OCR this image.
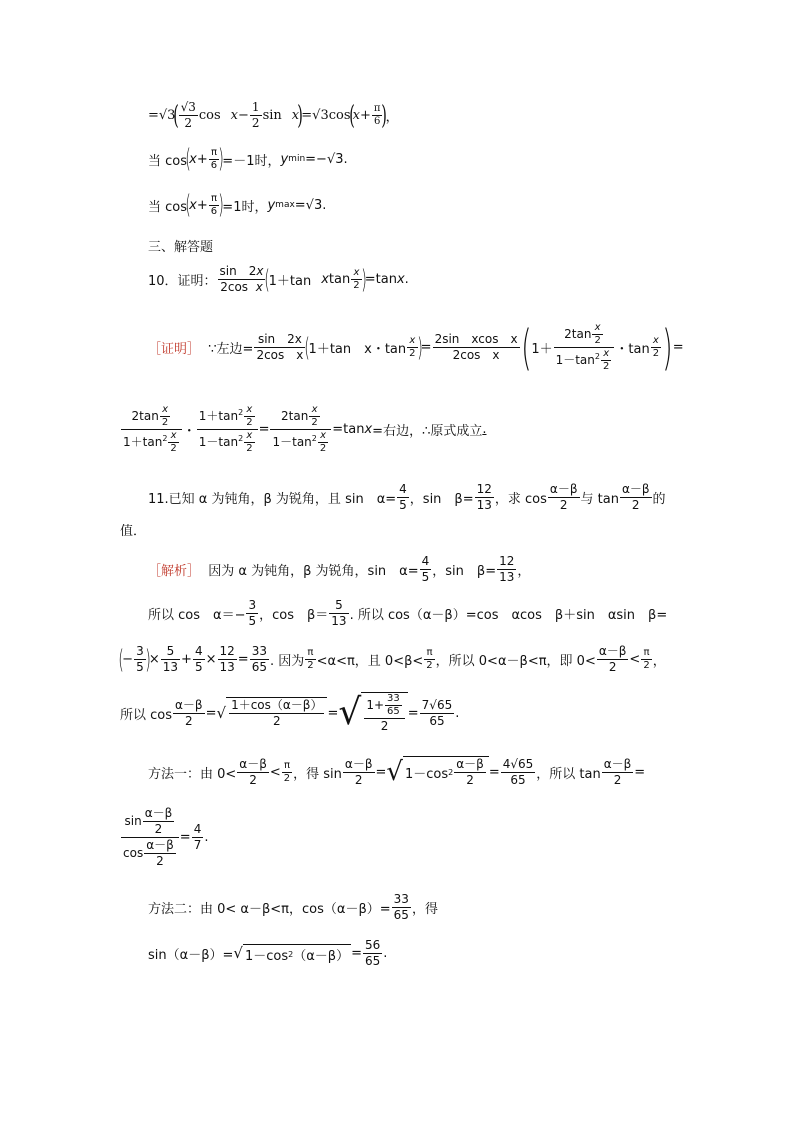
=√3
( $\frac{√3}{2}$ $\cos x - \frac{1}{2}$ sin x
)
=√3cos
(
$x+ \frac{\pi}{6}$ )
，
当 cos
(
$x+ \frac{\pi}{6}$ )
=－1时， y min =−√3.
当 cos
(
$x+ \frac{\pi}{6}$ )
=1时， y max =√3.
三、解答题
10．证明： $\frac{\sin 2x}{\text{2cos x}}$ (
1＋tan x $\tan \frac{x}{2}$ )
=tan x .
［证明］
∵左边= $\frac{\sin 2x}{\text{2cos　x}}$ (
1＋tan　x・$\tan \frac{x}{2}$ )
= $\frac{\text{2sin　xcos　x}}{\text{2cos　x}}$ ( $1+ \frac{2\tan \frac{x}{2}}{1-\tan^2 \frac{x}{2}}$ ・$\tan \frac{x}{2}$ ) =
$\frac{2\tan \frac{x}{2}}{1+\tan^2 \frac{x}{2}}$ ・ $\frac{1+\tan^2 \frac{x}{2}}{1-\tan^2 \frac{x}{2}} = \frac{2\tan \frac{x}{2}}{1-\tan^2 \frac{x}{2}} =\tan$ x =右边，∴原式成立 .
11.已知 α 为钝角，β 为锐角，且 sin　$\alpha= \frac{4}{5}$ ，sin　$\beta= \frac{12}{13}$ ，求 $\cos \frac{\alpha-\beta}{2}$ 与 $\tan \frac{\alpha-\beta}{2}$ 的
值．
［解析］
因为 α 为钝角，β 为锐角，sin　$\alpha= \frac{4}{5}$ ，sin　$\beta= \frac{12}{13}$ ，
所以 cos　$\alpha=- \frac{3}{5}$ ，cos　$\beta= \frac{5}{13}$ . 所以 cos（α－β）=cos　αcos　β＋sin　αsin　β=
(
− $\frac{3}{5}$ )
× $\frac{5}{13} + \frac{4}{5} \times \frac{12}{13} = \frac{33}{65}$ . 因为 $\frac{\pi}{2} <\alpha<\pi$，且 $0<\beta< \frac{\pi}{2}$ ，所以 0<α－β<π，即 $0< \frac{\alpha-\beta}{2} < \frac{\pi}{2}$ ，
所以 $\cos \frac{\alpha-\beta}{2}$ = √ $\frac{1+\cos(\alpha-\beta)}{2}$ = √ $\frac{1+ \frac{33}{65}}{2} = \frac{7√65}{65}$ .
方法一：由 $0< \frac{\alpha-\beta}{2} < \frac{\pi}{2}$ ，得 $\sin \frac{\alpha-\beta}{2}$ = √ 1－cos $2 \frac{\alpha-\beta}{2} = \frac{4√65}{65}$ ，所以 $\tan \frac{\alpha-\beta}{2}$ =
$\frac{\sin \frac{\alpha-\beta}{2}}{\cos \frac{\alpha-\beta}{2}} = \frac{4}{7}$ .
方法二：由 0< α－β<π，$\cos(\alpha-\beta)= \frac{33}{65}$ ，得
sin（α－β）= √ 1－cos 2 $(\alpha-\beta) = \frac{56}{65}$ .
